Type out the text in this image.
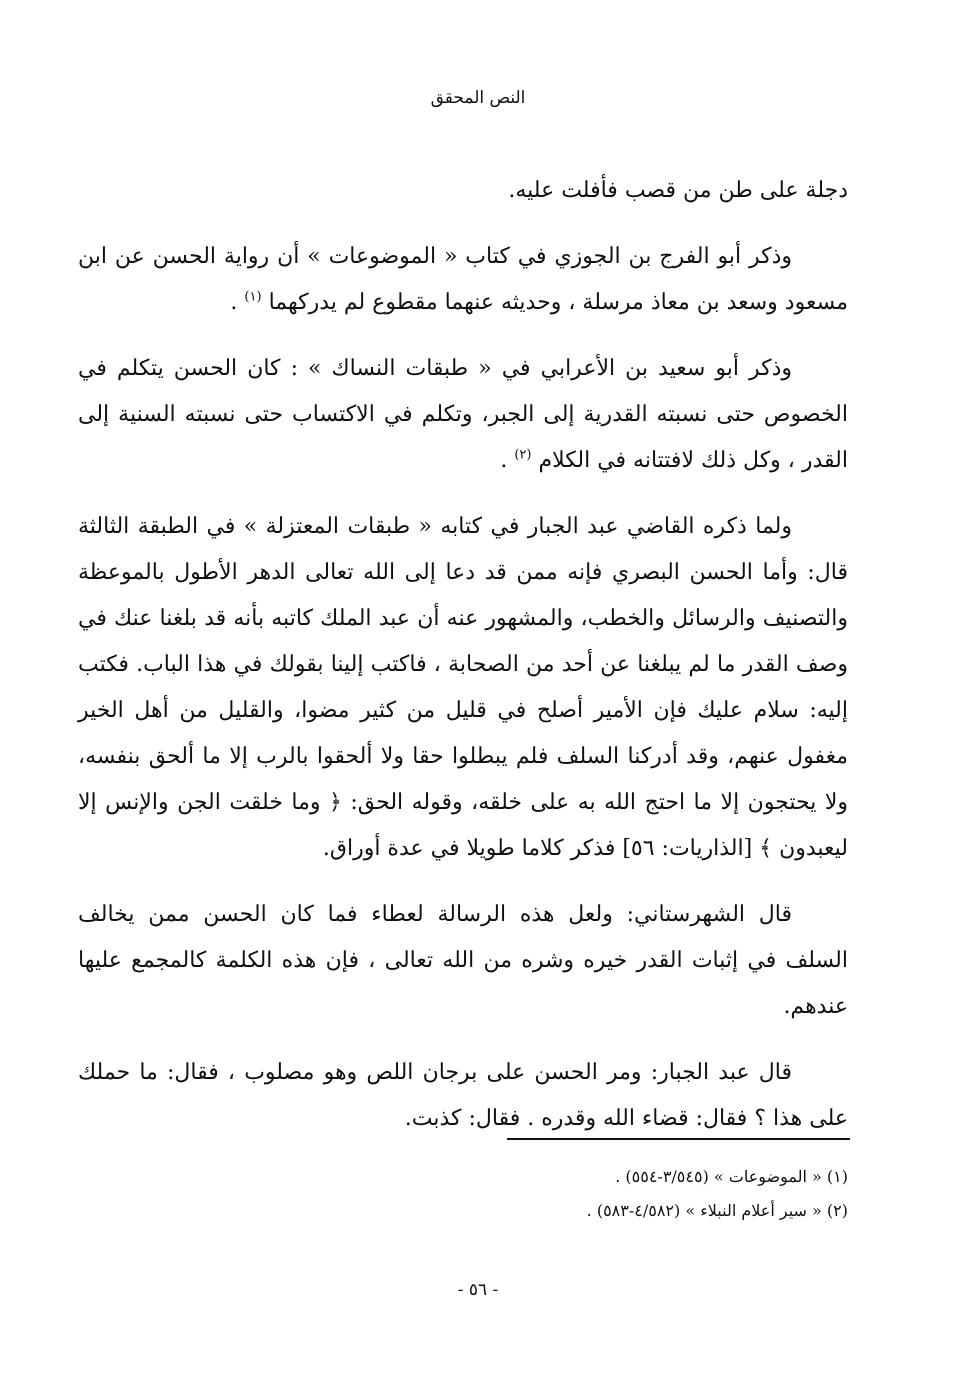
النص المحقق

دجلة على طن من قصب فأفلت عليه.

وذكر أبو الفرج بن الجوزي في كتاب « الموضوعات » أن رواية الحسن عن ابن مسعود وسعد بن معاذ مرسلة ، وحديثه عنهما مقطوع لم يدركهما $^{(١)}$ .

وذكر أبو سعيد بن الأعرابي في « طبقات النساك » : كان الحسن يتكلم في الخصوص حتى نسبته القدرية إلى الجبر، وتكلم في الاكتساب حتى نسبته السنية إلى القدر ، وكل ذلك لافتتانه في الكلام $^{(٢)}$ .

ولما ذكره القاضي عبد الجبار في كتابه « طبقات المعتزلة » في الطبقة الثالثة قال: وأما الحسن البصري فإنه ممن قد دعا إلى الله تعالى الدهر الأطول بالموعظة والتصنيف والرسائل والخطب، والمشهور عنه أن عبد الملك كاتبه بأنه قد بلغنا عنك في وصف القدر ما لم يبلغنا عن أحد من الصحابة ، فاكتب إلينا بقولك في هذا الباب. فكتب إليه: سلام عليك فإن الأمير أصلح في قليل من كثير مضوا، والقليل من أهل الخير مغفول عنهم، وقد أدركنا السلف فلم يبطلوا حقا ولا ألحقوا بالرب إلا ما ألحق بنفسه، ولا يحتجون إلا ما احتج الله به على خلقه، وقوله الحق: ﴿ وما خلقت الجن والإنس إلا ليعبدون ﴾ [الذاريات: ٥٦] فذكر كلاما طويلا في عدة أوراق.

قال الشهرستاني: ولعل هذه الرسالة لعطاء فما كان الحسن ممن يخالف السلف في إثبات القدر خيره وشره من الله تعالى ، فإن هذه الكلمة كالمجمع عليها عندهم.

قال عبد الجبار: ومر الحسن على برجان اللص وهو مصلوب ، فقال: ما حملك على هذا ؟ فقال: قضاء الله وقدره . فقال: كذبت.

(١) « الموضوعات » (٣/٥٤٥-٥٥٤) .

(٢) « سير أعلام النبلاء » (٤/٥٨٢-٥٨٣) .

- ٥٦ -
